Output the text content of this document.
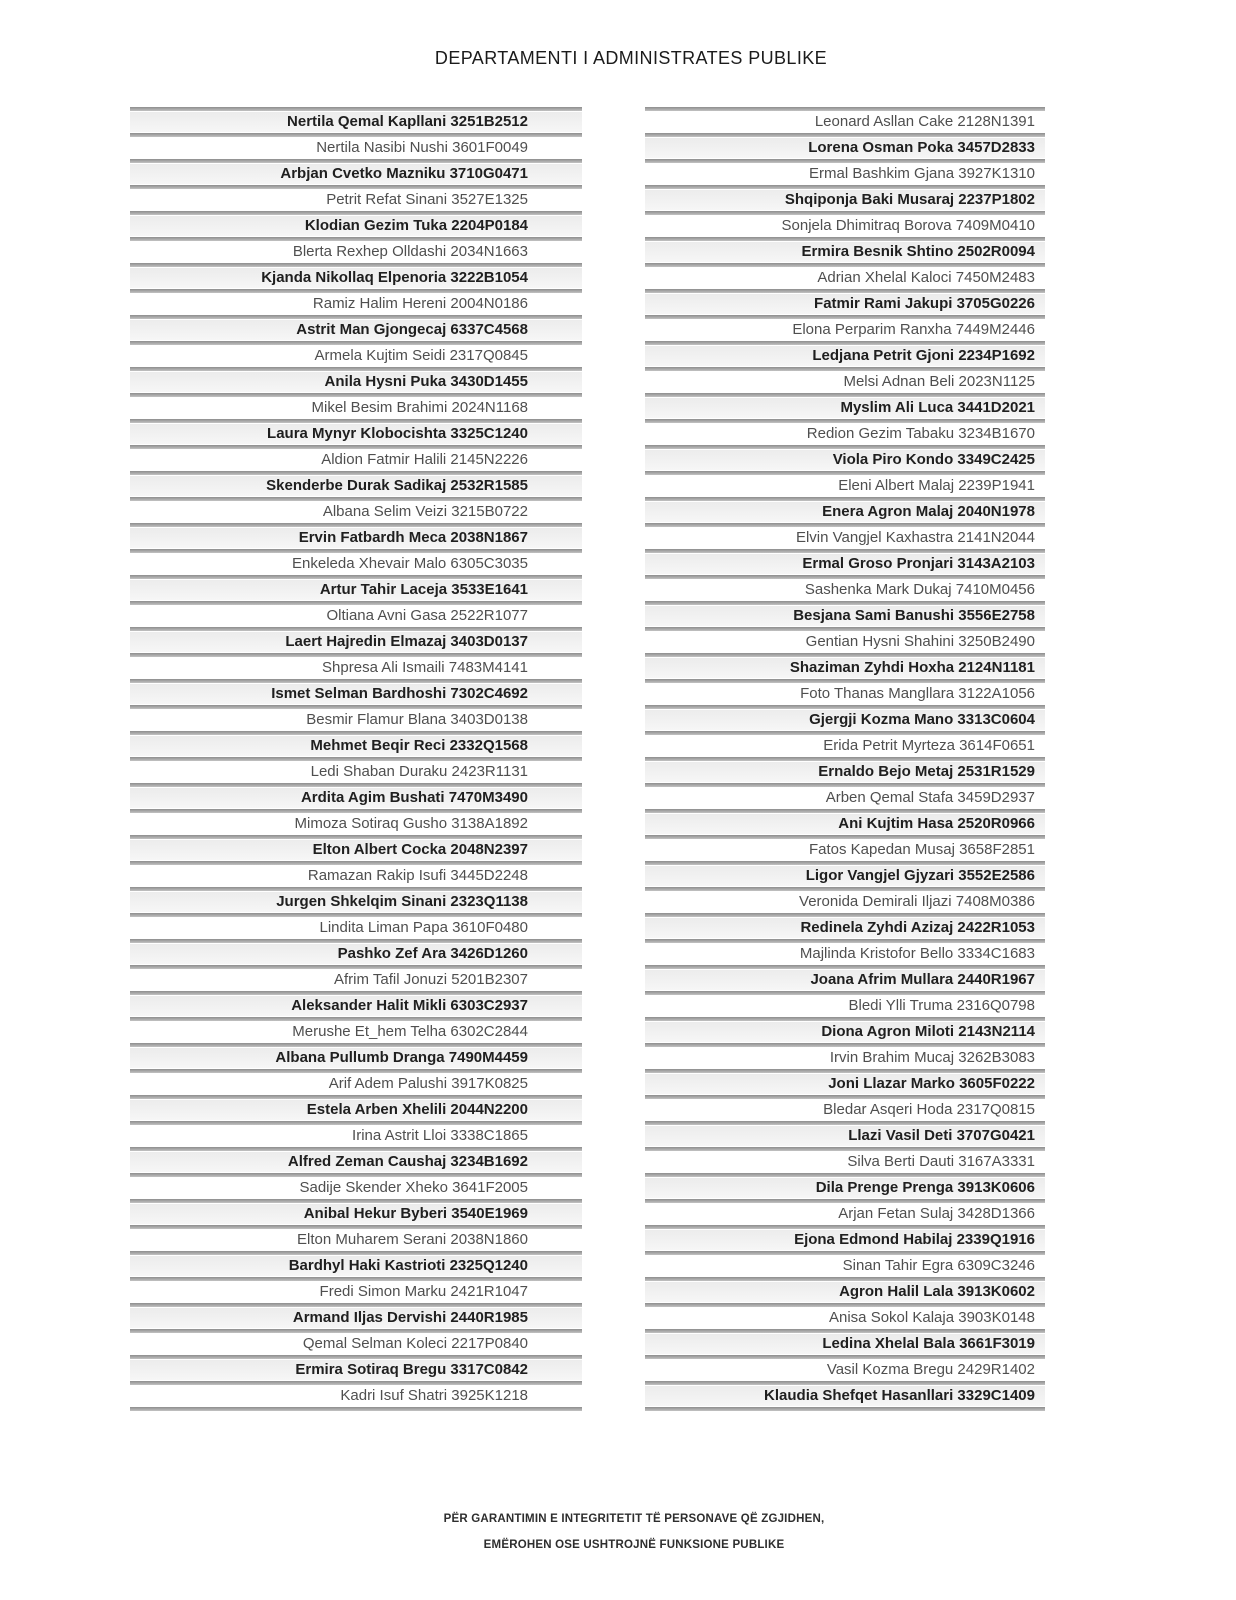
DEPARTAMENTI I ADMINISTRATES PUBLIKE
Nertila Qemal Kapllani 3251B2512
Nertila Nasibi Nushi 3601F0049
Arbjan Cvetko Mazniku 3710G0471
Petrit Refat Sinani 3527E1325
Klodian Gezim Tuka 2204P0184
Blerta Rexhep Olldashi 2034N1663
Kjanda Nikollaq Elpenoria 3222B1054
Ramiz Halim Hereni 2004N0186
Astrit Man Gjongecaj 6337C4568
Armela Kujtim Seidi 2317Q0845
Anila Hysni Puka 3430D1455
Mikel Besim Brahimi 2024N1168
Laura Mynyr Klobocishta 3325C1240
Aldion Fatmir Halili 2145N2226
Skenderbe Durak Sadikaj 2532R1585
Albana Selim Veizi 3215B0722
Ervin Fatbardh Meca 2038N1867
Enkeleda Xhevair Malo 6305C3035
Artur Tahir Laceja 3533E1641
Oltiana Avni Gasa 2522R1077
Laert Hajredin Elmazaj 3403D0137
Shpresa Ali Ismaili 7483M4141
Ismet Selman Bardhoshi 7302C4692
Besmir Flamur Blana 3403D0138
Mehmet Beqir Reci 2332Q1568
Ledi Shaban Duraku 2423R1131
Ardita Agim Bushati 7470M3490
Mimoza Sotiraq Gusho 3138A1892
Elton Albert Cocka 2048N2397
Ramazan Rakip Isufi 3445D2248
Jurgen Shkelqim Sinani 2323Q1138
Lindita Liman Papa 3610F0480
Pashko Zef Ara 3426D1260
Afrim Tafil Jonuzi 5201B2307
Aleksander Halit Mikli 6303C2937
Merushe Et_hem Telha 6302C2844
Albana Pullumb Dranga 7490M4459
Arif Adem Palushi 3917K0825
Estela Arben Xhelili 2044N2200
Irina Astrit Lloi 3338C1865
Alfred Zeman Caushaj 3234B1692
Sadije Skender Xheko 3641F2005
Anibal Hekur Byberi 3540E1969
Elton Muharem Serani 2038N1860
Bardhyl Haki Kastrioti 2325Q1240
Fredi Simon Marku 2421R1047
Armand Iljas Dervishi 2440R1985
Qemal Selman Koleci 2217P0840
Ermira Sotiraq Bregu 3317C0842
Kadri Isuf Shatri 3925K1218
Leonard Asllan Cake 2128N1391
Lorena Osman Poka 3457D2833
Ermal Bashkim Gjana 3927K1310
Shqiponja Baki Musaraj 2237P1802
Sonjela Dhimitraq Borova 7409M0410
Ermira Besnik Shtino 2502R0094
Adrian Xhelal Kaloci 7450M2483
Fatmir Rami Jakupi 3705G0226
Elona Perparim Ranxha 7449M2446
Ledjana Petrit Gjoni 2234P1692
Melsi Adnan Beli 2023N1125
Myslim Ali Luca 3441D2021
Redion Gezim Tabaku 3234B1670
Viola Piro Kondo 3349C2425
Eleni Albert Malaj 2239P1941
Enera Agron Malaj 2040N1978
Elvin Vangjel Kaxhastra 2141N2044
Ermal Groso Pronjari 3143A2103
Sashenka Mark Dukaj 7410M0456
Besjana Sami Banushi 3556E2758
Gentian Hysni Shahini 3250B2490
Shaziman Zyhdi Hoxha 2124N1181
Foto Thanas Mangllara 3122A1056
Gjergji Kozma Mano 3313C0604
Erida Petrit Myrteza 3614F0651
Ernaldo Bejo Metaj 2531R1529
Arben Qemal Stafa 3459D2937
Ani Kujtim Hasa 2520R0966
Fatos Kapedan Musaj 3658F2851
Ligor Vangjel Gjyzari 3552E2586
Veronida Demirali Iljazi 7408M0386
Redinela Zyhdi Azizaj 2422R1053
Majlinda Kristofor Bello 3334C1683
Joana Afrim Mullara 2440R1967
Bledi Ylli Truma 2316Q0798
Diona Agron Miloti 2143N2114
Irvin Brahim Mucaj 3262B3083
Joni Llazar Marko 3605F0222
Bledar Asqeri Hoda 2317Q0815
Llazi Vasil Deti 3707G0421
Silva Berti Dauti 3167A3331
Dila Prenge Prenga 3913K0606
Arjan Fetan Sulaj 3428D1366
Ejona Edmond Habilaj 2339Q1916
Sinan Tahir Egra 6309C3246
Agron Halil Lala 3913K0602
Anisa Sokol Kalaja 3903K0148
Ledina Xhelal Bala 3661F3019
Vasil Kozma Bregu 2429R1402
Klaudia Shefqet Hasanllari 3329C1409
PËR GARANTIMIN E INTEGRITETIT TË PERSONAVE QË ZGJIDHEN,
EMËROHEN OSE USHTROJNË FUNKSIONE PUBLIKE
